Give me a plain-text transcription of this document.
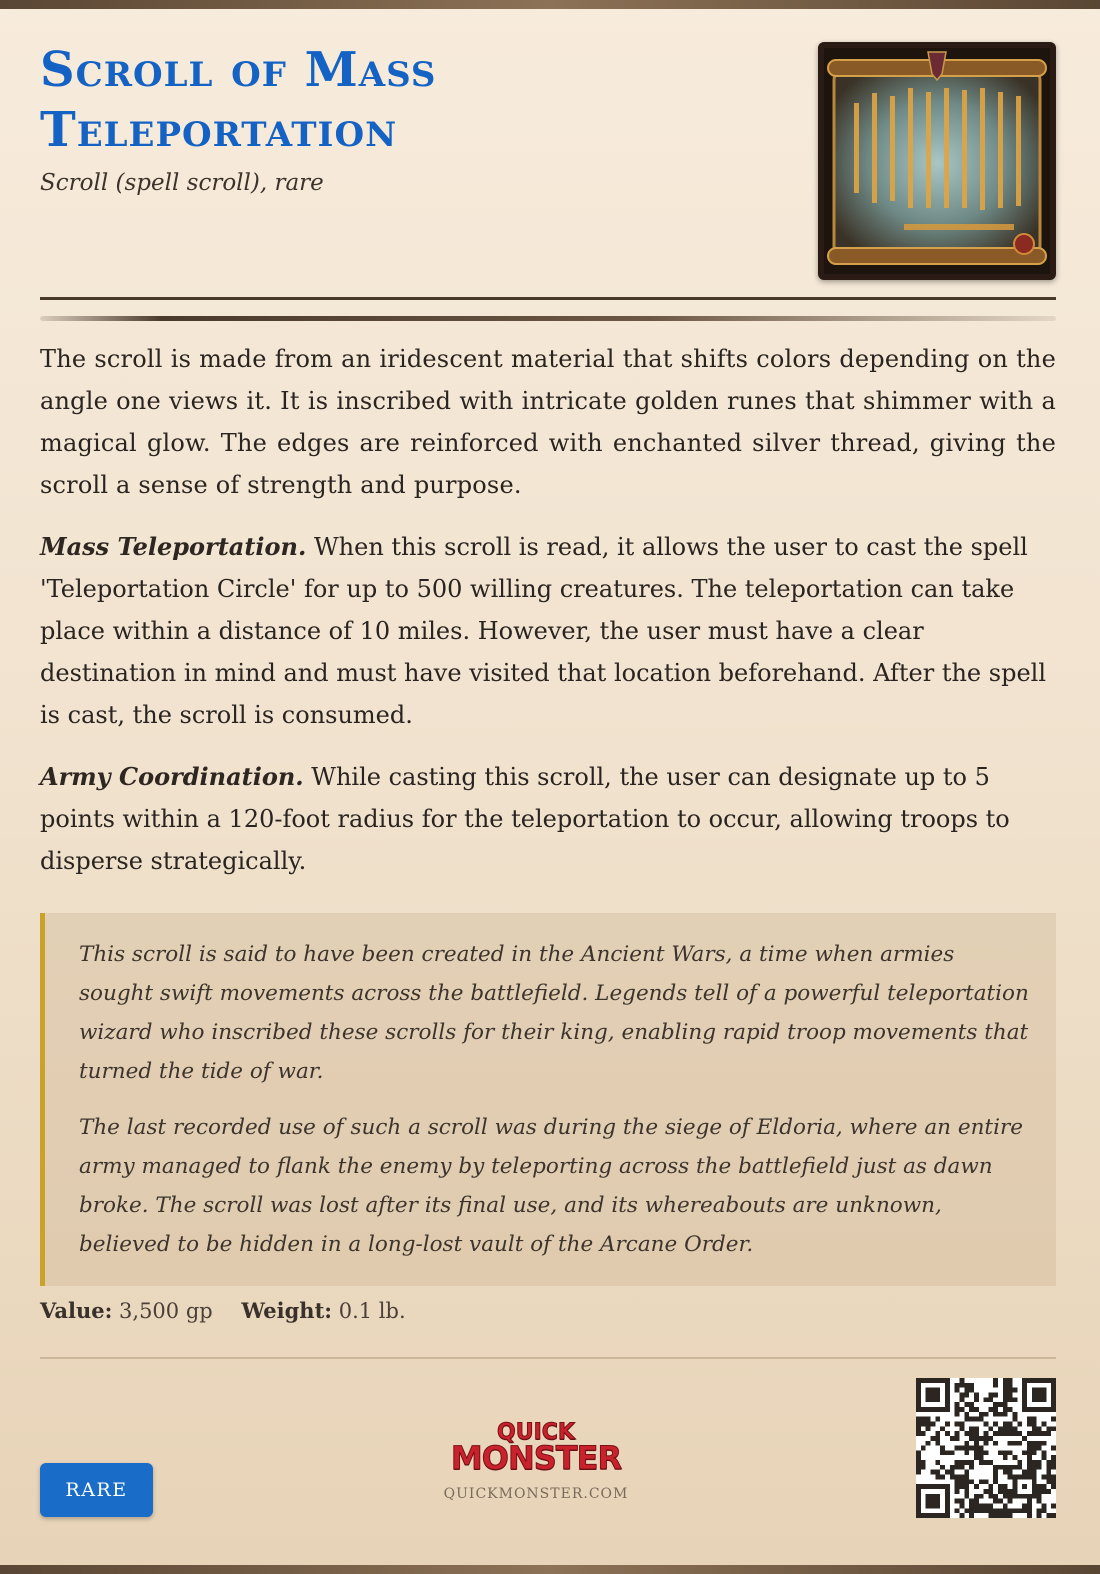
Scroll of Mass
Teleportation
Scroll (spell scroll), rare

The scroll is made from an iridescent material that shifts colors depending on the angle one views it. It is inscribed with intricate golden runes that shimmer with a magical glow. The edges are reinforced with enchanted silver thread, giving the scroll a sense of strength and purpose.

Mass Teleportation. When this scroll is read, it allows the user to cast the spell 'Teleportation Circle' for up to 500 willing creatures. The teleportation can take place within a distance of 10 miles. However, the user must have a clear destination in mind and must have visited that location beforehand. After the spell is cast, the scroll is consumed.

Army Coordination. While casting this scroll, the user can designate up to 5 points within a 120-foot radius for the teleportation to occur, allowing troops to disperse strategically.

This scroll is said to have been created in the Ancient Wars, a time when armies sought swift movements across the battlefield. Legends tell of a powerful teleportation wizard who inscribed these scrolls for their king, enabling rapid troop movements that turned the tide of war.

The last recorded use of such a scroll was during the siege of Eldoria, where an entire army managed to flank the enemy by teleporting across the battlefield just as dawn broke. The scroll was lost after its final use, and its whereabouts are unknown, believed to be hidden in a long-lost vault of the Arcane Order.

Value: 3,500 gp Weight: 0.1 lb.
RARE
QUICK
MONSTER
QUICKMONSTER.COM
